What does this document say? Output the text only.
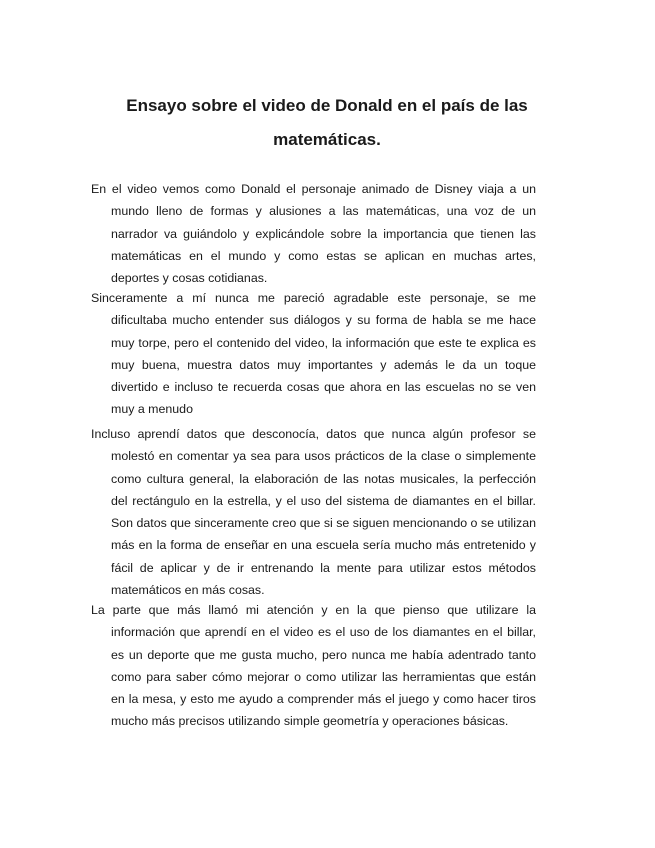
Ensayo sobre el video de Donald en el país de las matemáticas.

En el video vemos como Donald el personaje animado de Disney viaja a un mundo lleno de formas y alusiones a las matemáticas, una voz de un narrador va guiándolo y explicándole sobre la importancia que tienen las matemáticas en el mundo y como estas se aplican en muchas artes, deportes y cosas cotidianas.

Sinceramente a mí nunca me pareció agradable este personaje, se me dificultaba mucho entender sus diálogos y su forma de habla se me hace muy torpe, pero el contenido del video, la información que este te explica es muy buena, muestra datos muy importantes y además le da un toque divertido e incluso te recuerda cosas que ahora en las escuelas no se ven muy a menudo

Incluso aprendí datos que desconocía, datos que nunca algún profesor se molestó en comentar ya sea para usos prácticos de la clase o simplemente como cultura general, la elaboración de las notas musicales, la perfección del rectángulo en la estrella, y el uso del sistema de diamantes en el billar. Son datos que sinceramente creo que si se siguen mencionando o se utilizan más en la forma de enseñar en una escuela sería mucho más entretenido y fácil de aplicar y de ir entrenando la mente para utilizar estos métodos matemáticos en más cosas.

La parte que más llamó mi atención y en la que pienso que utilizare la información que aprendí en el video es el uso de los diamantes en el billar, es un deporte que me gusta mucho, pero nunca me había adentrado tanto como para saber cómo mejorar o como utilizar las herramientas que están en la mesa, y esto me ayudo a comprender más el juego y como hacer tiros mucho más precisos utilizando simple geometría y operaciones básicas.
